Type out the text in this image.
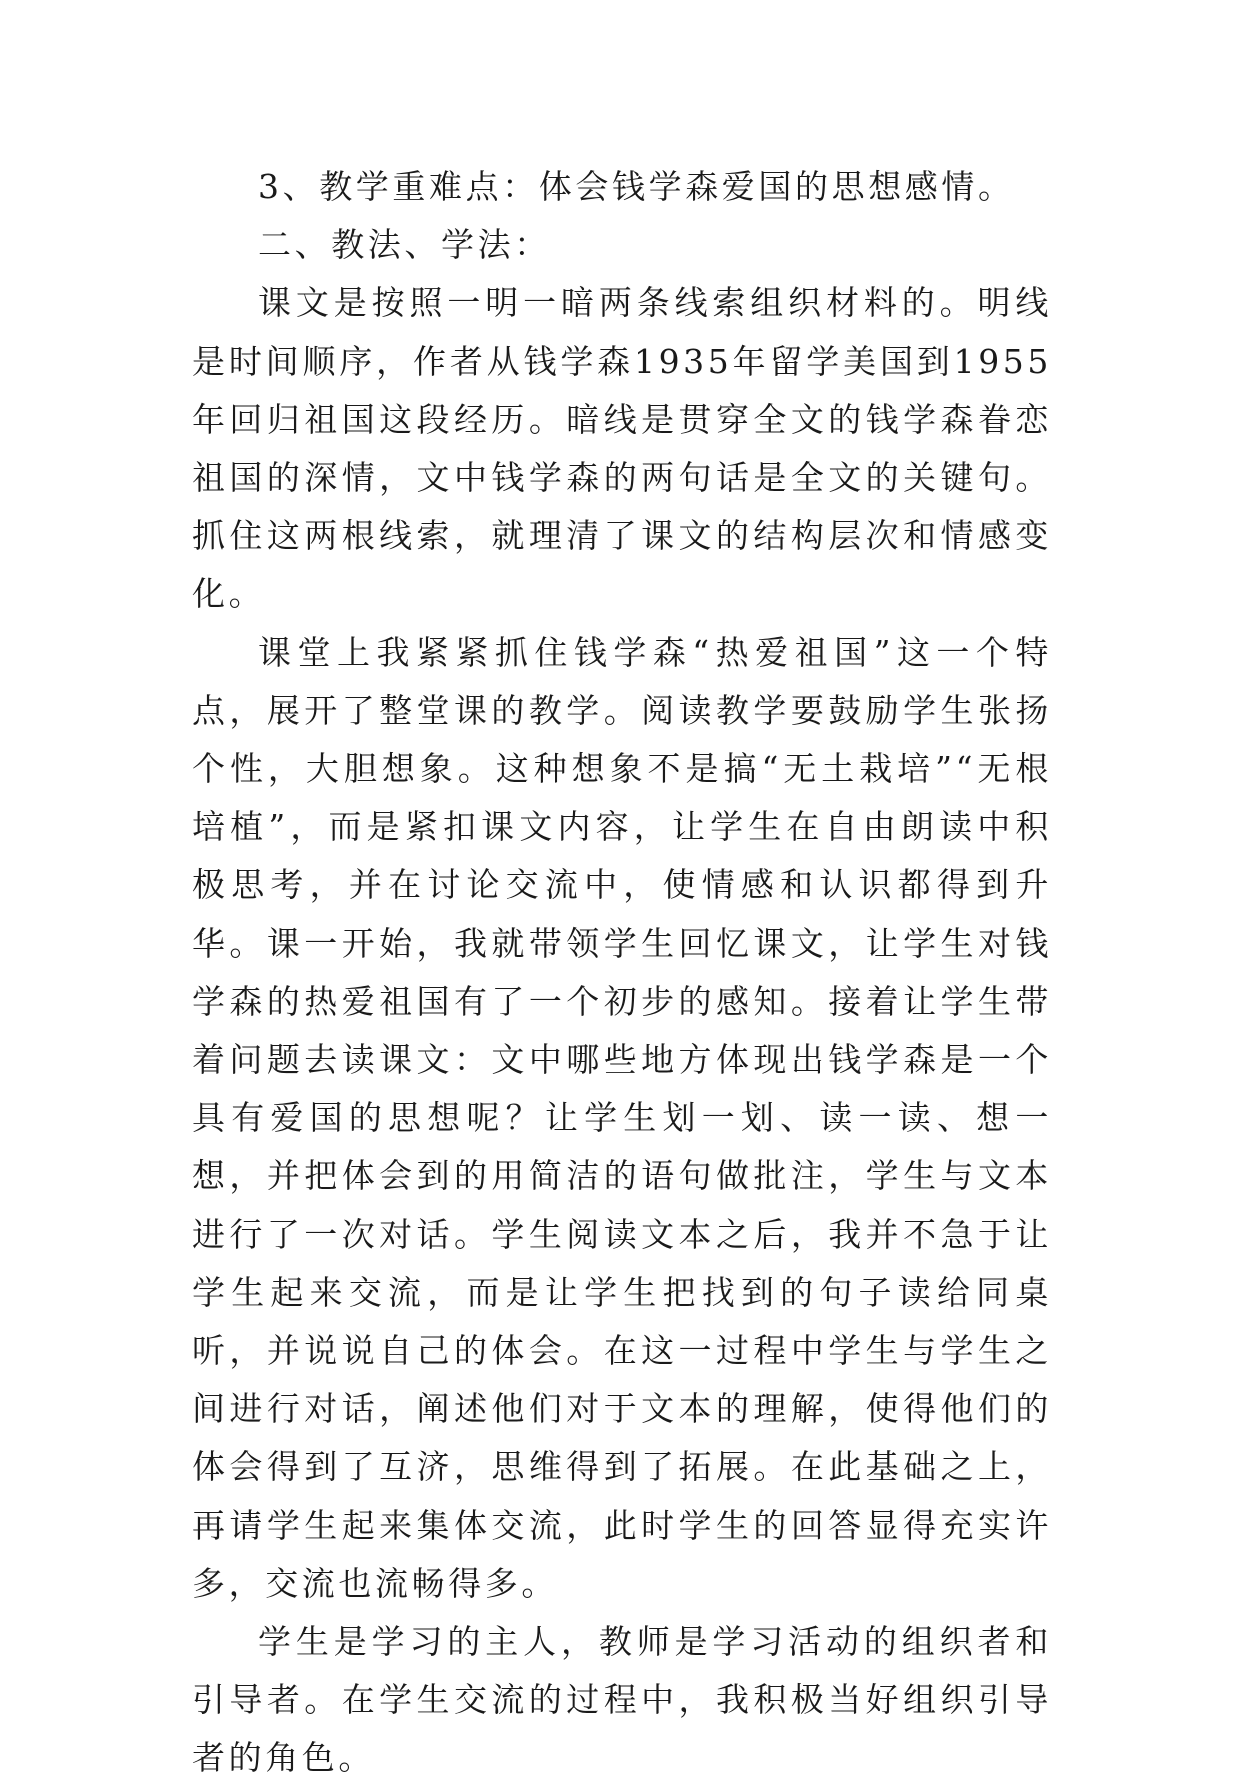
3、教学重难点：体会钱学森爱国的思想感情。

二、教法、学法：

课文是按照一明一暗两条线索组织材料的。明线是时间顺序，作者从钱学森1935年留学美国到1955年回归祖国这段经历。暗线是贯穿全文的钱学森眷恋祖国的深情，文中钱学森的两句话是全文的关键句。抓住这两根线索，就理清了课文的结构层次和情感变化。

课堂上我紧紧抓住钱学森“热爱祖国”这一个特点，展开了整堂课的教学。阅读教学要鼓励学生张扬个性，大胆想象。这种想象不是搞“无土栽培”“无根培植”，而是紧扣课文内容，让学生在自由朗读中积极思考，并在讨论交流中，使情感和认识都得到升华。课一开始，我就带领学生回忆课文，让学生对钱学森的热爱祖国有了一个初步的感知。接着让学生带着问题去读课文：文中哪些地方体现出钱学森是一个具有爱国的思想呢？让学生划一划、读一读、想一想，并把体会到的用简洁的语句做批注，学生与文本进行了一次对话。学生阅读文本之后，我并不急于让学生起来交流，而是让学生把找到的句子读给同桌听，并说说自己的体会。在这一过程中学生与学生之间进行对话，阐述他们对于文本的理解，使得他们的体会得到了互济，思维得到了拓展。在此基础之上，再请学生起来集体交流，此时学生的回答显得充实许多，交流也流畅得多。

学生是学习的主人，教师是学习活动的组织者和引导者。在学生交流的过程中，我积极当好组织引导者的角色。
